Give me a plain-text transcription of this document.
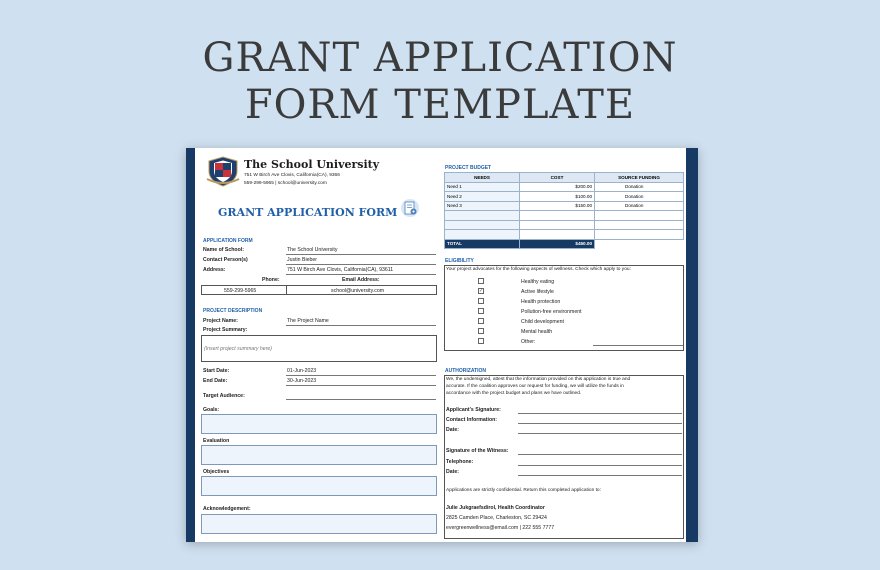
GRANT APPLICATION
FORM TEMPLATE
The School University
751 W Birch Ave Clovis, California(CA), 9366
559-299-5965 | school@university.com
GRANT APPLICATION FORM
APPLICATION FORM
Name of School:	The School University
Contact Person(s)	Justin Bieber
Address:	751 W Birch Ave Clovis, California(CA), 93611
Phone:	Email Address:
559-299-5965	school@university.com
PROJECT DESCRIPTION
Project Name:	The Project Name
Project Summary:
(Insert project summary here)
Start Date:	01-Jun-2023
End Date:	30-Jun-2023
Target Audience:
Goals:
Evaluation
Objectives
Acknowledgement:
PROJECT BUDGET
NEEDS	COST	SOURCE FUNDING
Need 1	$200.00	Donation
Need 2	$100.00	Donation
Need 3	$150.00	Donation

TOTAL	$450.00	
ELIGIBILITY
Your project advocates for the following aspects of wellness. Check which apply to you:
Healthy eating
✓	Active lifestyle
Health protection
Pollution-free environment
Child development
Mental health
Other:
AUTHORIZATION
We, the undersigned, attest that the information provided on this application is true and
accurate. If the coalition approves our request for funding, we will utilize the funds in
accordance with the project budget and plans we have outlined.
Applicant's Signature:
Contact Information:
Date:
Signature of the Witness:
Telephone:
Date:
Applications are strictly confidential. Return this completed application to:
Julie Jukgraefsdirol, Health Coordinator
2825 Camden Place, Charleston, SC 29424
evergreenwellness@email.com | 222 555 7777
